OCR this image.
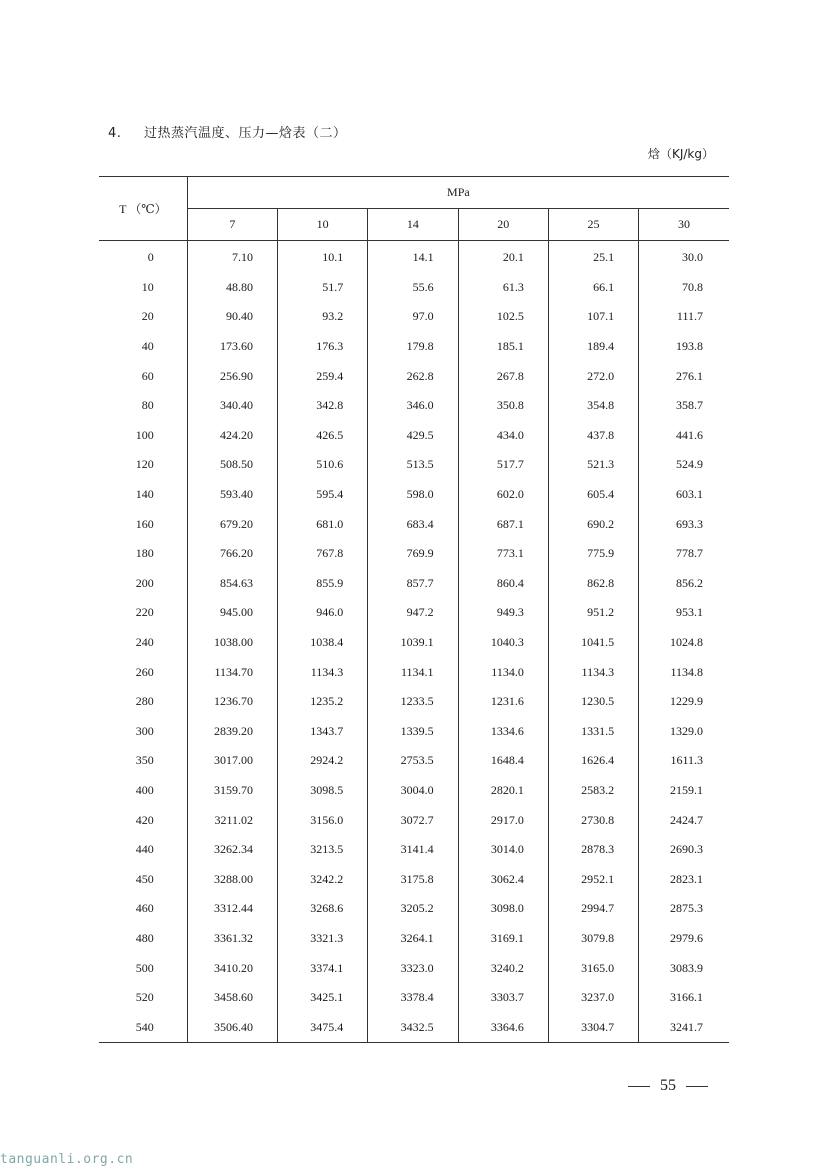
4. 过热蒸汽温度、压力—焓表（二）
焓（KJ/kg）
T （℃）	MPa					
	7	10	14	20	25	30
0	7.10	10.1	14.1	20.1	25.1	30.0
10	48.80	51.7	55.6	61.3	66.1	70.8
20	90.40	93.2	97.0	102.5	107.1	111.7
40	173.60	176.3	179.8	185.1	189.4	193.8
60	256.90	259.4	262.8	267.8	272.0	276.1
80	340.40	342.8	346.0	350.8	354.8	358.7
100	424.20	426.5	429.5	434.0	437.8	441.6
120	508.50	510.6	513.5	517.7	521.3	524.9
140	593.40	595.4	598.0	602.0	605.4	603.1
160	679.20	681.0	683.4	687.1	690.2	693.3
180	766.20	767.8	769.9	773.1	775.9	778.7
200	854.63	855.9	857.7	860.4	862.8	856.2
220	945.00	946.0	947.2	949.3	951.2	953.1
240	1038.00	1038.4	1039.1	1040.3	1041.5	1024.8
260	1134.70	1134.3	1134.1	1134.0	1134.3	1134.8
280	1236.70	1235.2	1233.5	1231.6	1230.5	1229.9
300	2839.20	1343.7	1339.5	1334.6	1331.5	1329.0
350	3017.00	2924.2	2753.5	1648.4	1626.4	1611.3
400	3159.70	3098.5	3004.0	2820.1	2583.2	2159.1
420	3211.02	3156.0	3072.7	2917.0	2730.8	2424.7
440	3262.34	3213.5	3141.4	3014.0	2878.3	2690.3
450	3288.00	3242.2	3175.8	3062.4	2952.1	2823.1
460	3312.44	3268.6	3205.2	3098.0	2994.7	2875.3
480	3361.32	3321.3	3264.1	3169.1	3079.8	2979.6
500	3410.20	3374.1	3323.0	3240.2	3165.0	3083.9
520	3458.60	3425.1	3378.4	3303.7	3237.0	3166.1
540	3506.40	3475.4	3432.5	3364.6	3304.7	3241.7
55
tanguanli.org.cn
